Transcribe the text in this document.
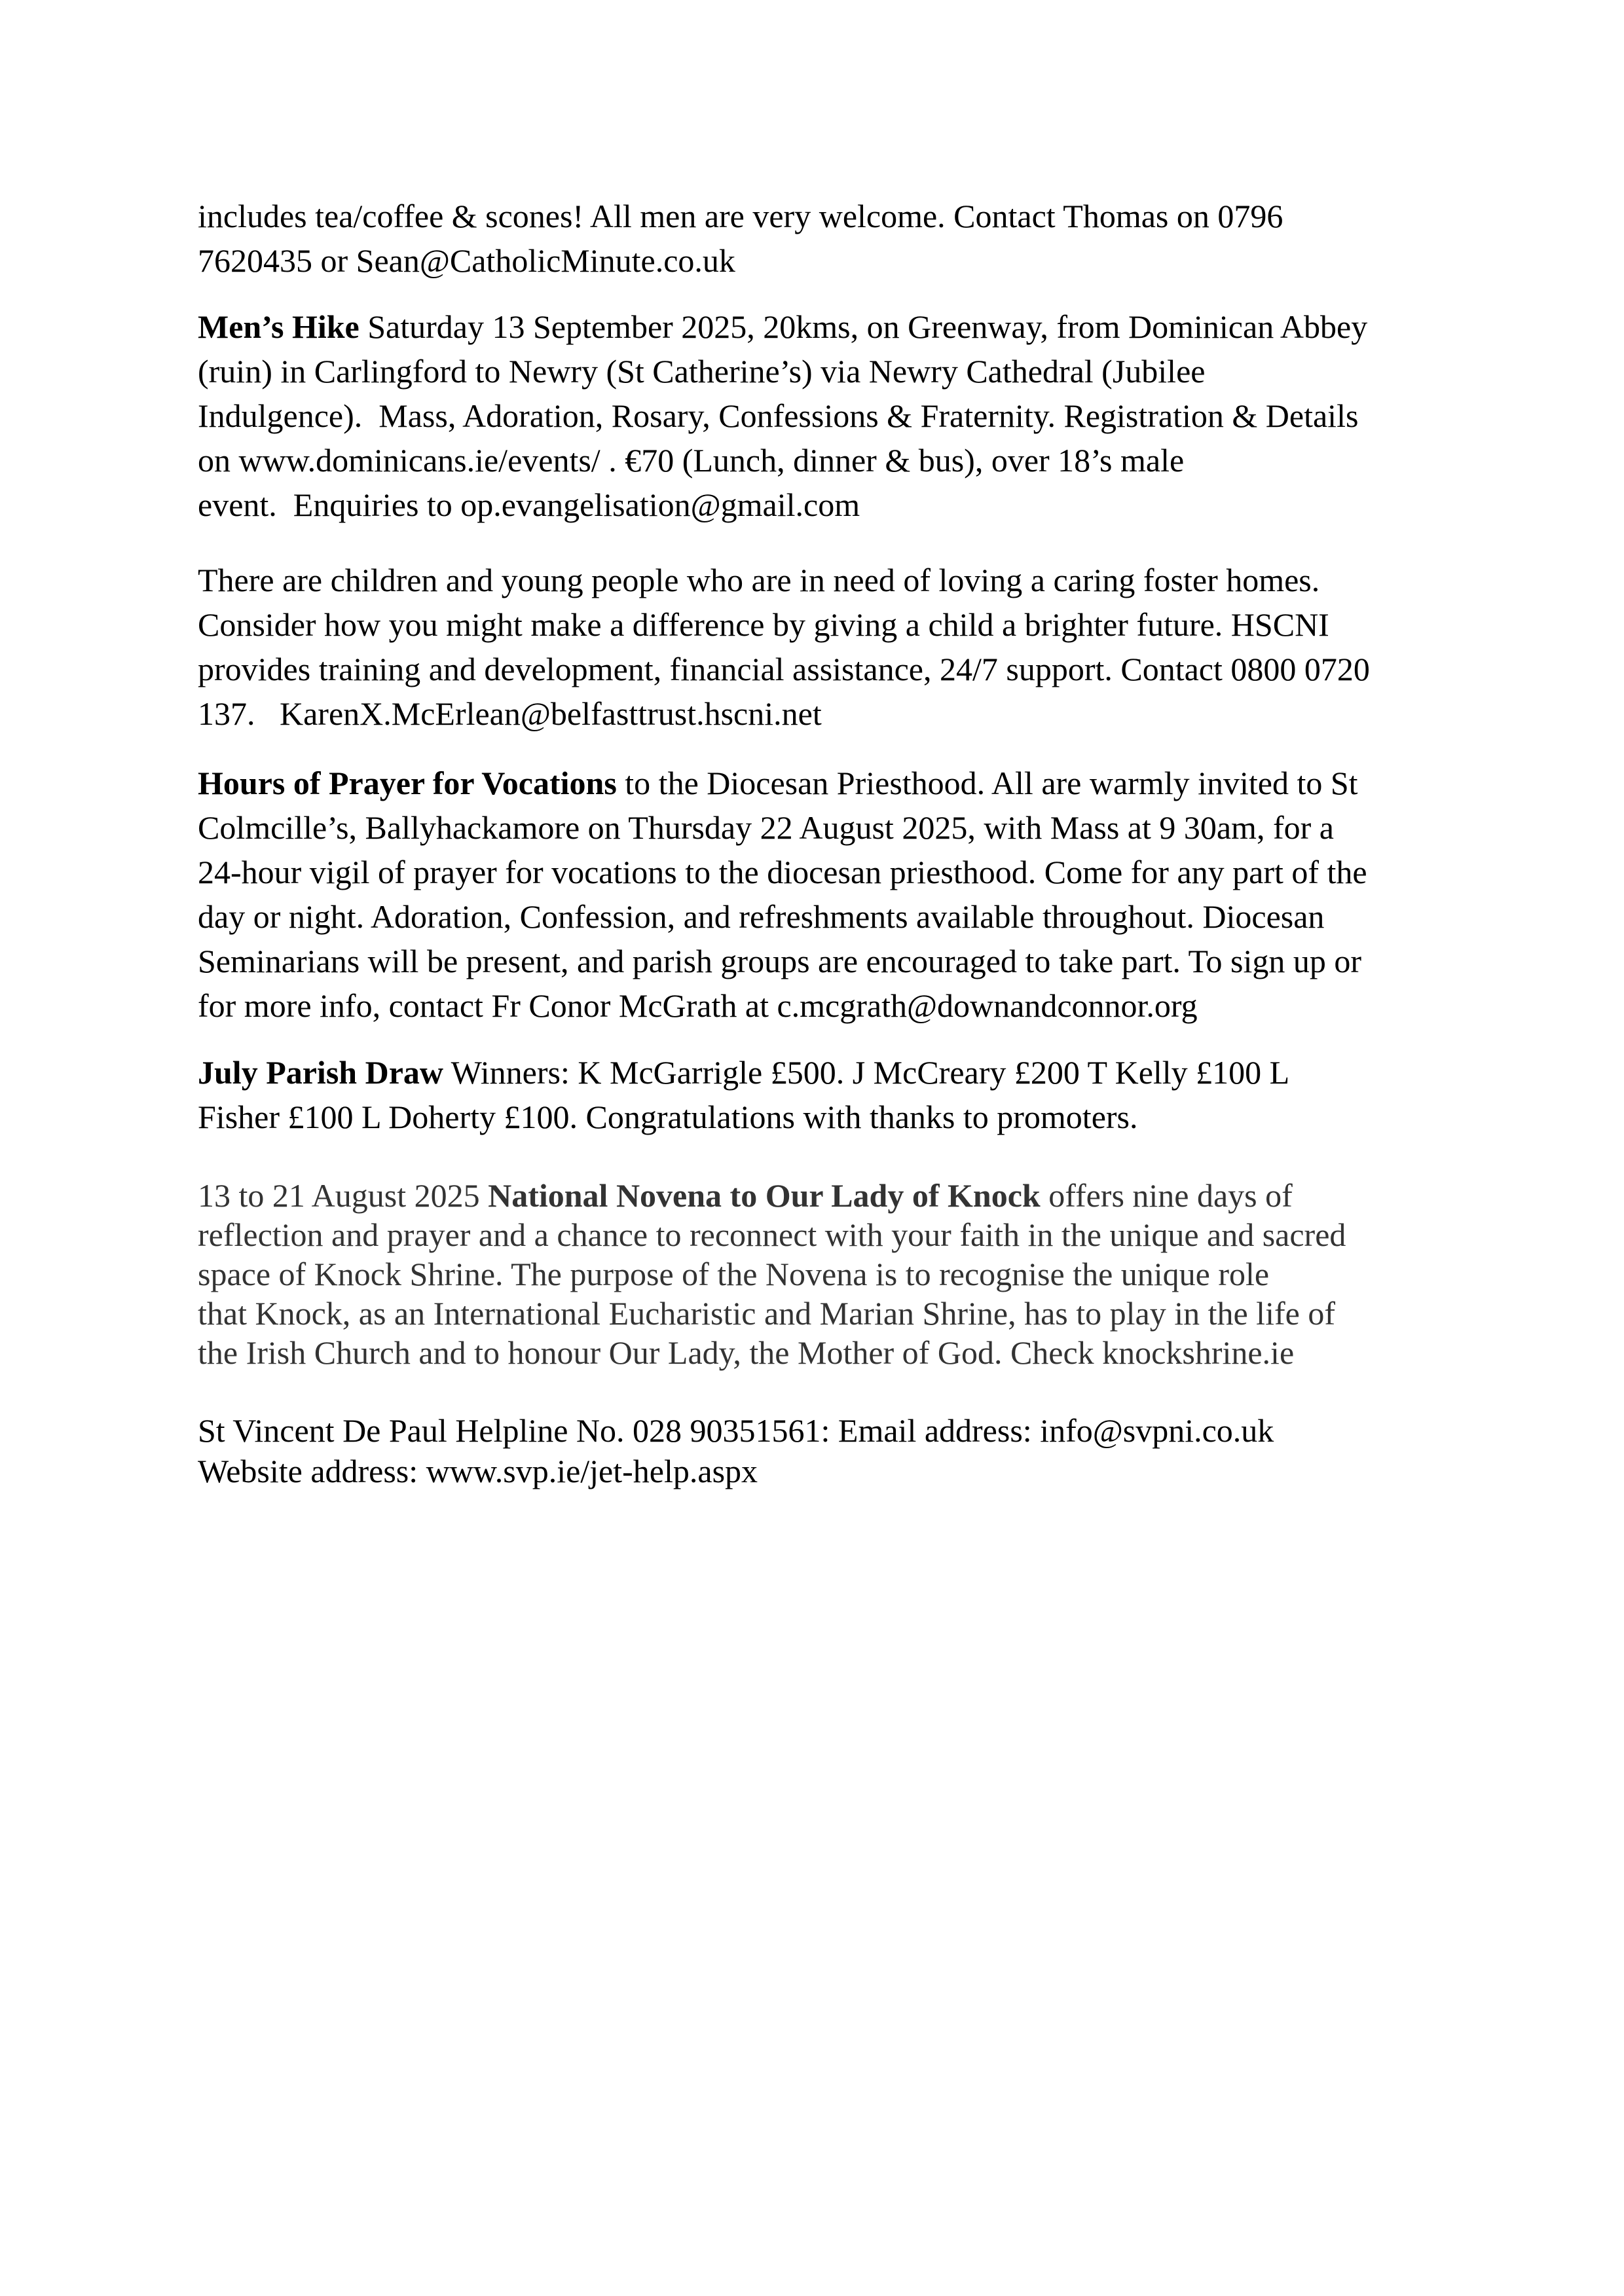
includes tea/coffee & scones! All men are very welcome. Contact Thomas on 0796
7620435 or Sean@CatholicMinute.co.uk

Men’s Hike Saturday 13 September 2025, 20kms, on Greenway, from Dominican Abbey
(ruin) in Carlingford to Newry (St Catherine’s) via Newry Cathedral (Jubilee
Indulgence).  Mass, Adoration, Rosary, Confessions & Fraternity. Registration & Details
on www.dominicans.ie/events/ . €70 (Lunch, dinner & bus), over 18’s male
event.  Enquiries to op.evangelisation@gmail.com

There are children and young people who are in need of loving a caring foster homes.
Consider how you might make a difference by giving a child a brighter future. HSCNI
provides training and development, financial assistance, 24/7 support. Contact 0800 0720
137.   KarenX.McErlean@belfasttrust.hscni.net

Hours of Prayer for Vocations to the Diocesan Priesthood. All are warmly invited to St
Colmcille’s, Ballyhackamore on Thursday 22 August 2025, with Mass at 9 30am, for a
24-hour vigil of prayer for vocations to the diocesan priesthood. Come for any part of the
day or night. Adoration, Confession, and refreshments available throughout. Diocesan
Seminarians will be present, and parish groups are encouraged to take part. To sign up or
for more info, contact Fr Conor McGrath at c.mcgrath@downandconnor.org

July Parish Draw Winners: K McGarrigle £500. J McCreary £200 T Kelly £100 L
Fisher £100 L Doherty £100. Congratulations with thanks to promoters.

13 to 21 August 2025 National Novena to Our Lady of Knock offers nine days of
reflection and prayer and a chance to reconnect with your faith in the unique and sacred
space of Knock Shrine. The purpose of the Novena is to recognise the unique role
that Knock, as an International Eucharistic and Marian Shrine, has to play in the life of
the Irish Church and to honour Our Lady, the Mother of God. Check knockshrine.ie

St Vincent De Paul Helpline No. 028 90351561: Email address: info@svpni.co.uk
Website address: www.svp.ie/jet-help.aspx
